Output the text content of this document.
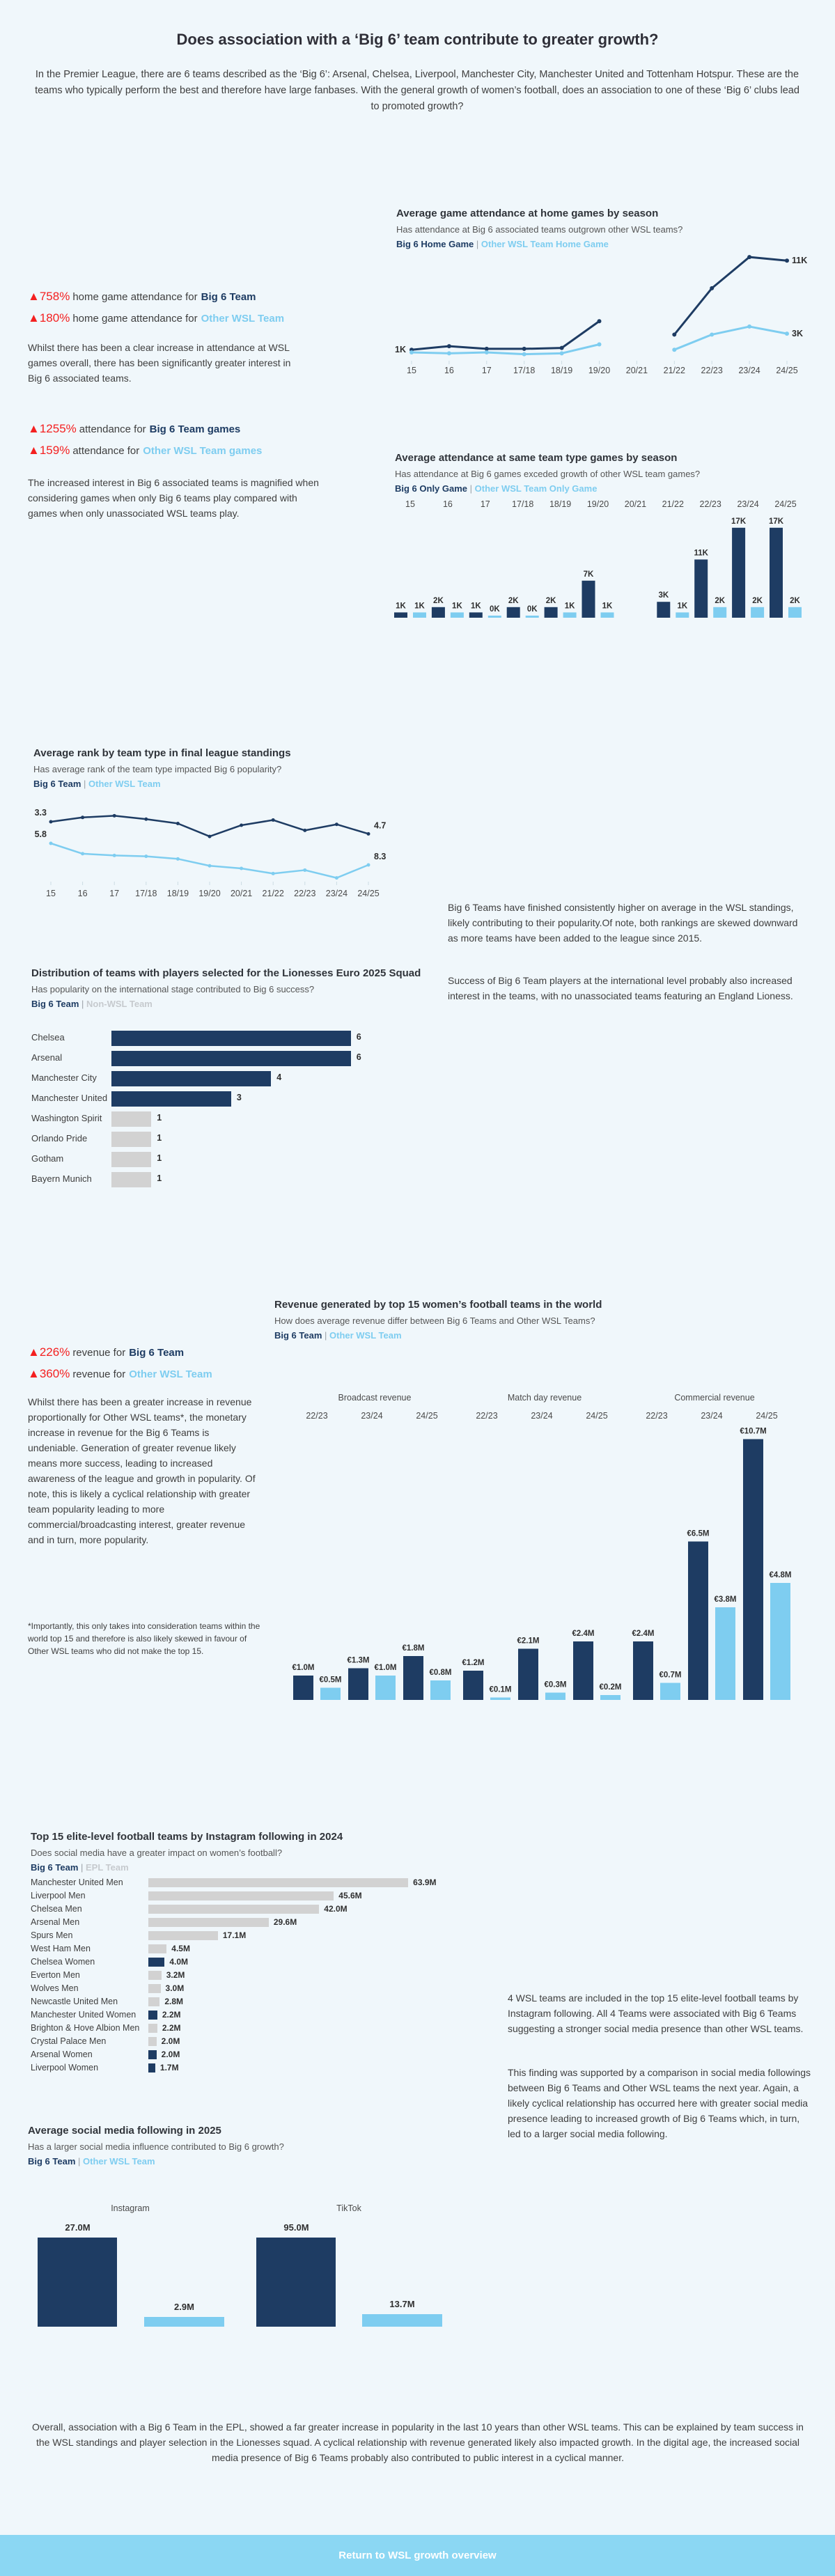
Does association with a ‘Big 6’ team contribute to greater growth?
In the Premier League, there are 6 teams described as the ‘Big 6’: Arsenal, Chelsea, Liverpool, Manchester City, Manchester United and Tottenham Hotspur. These are the teams who typically perform the best and therefore have large fanbases. With the general growth of women’s football, does an association to one of these ‘Big 6’ clubs lead to promoted growth?
Average game attendance at home games by season
Has attendance at Big 6 associated teams outgrown other WSL teams?
Big 6 Home Game | Other WSL Team Home Game
15	16	17	17/18 18/19 19/20 20/21 21/22 22/23 23/24 24/25
1K
11K
3K
▲758% home game attendance for Big 6 Team
▲180% home game attendance for Other WSL Team
Whilst there has been a clear increase in attendance at WSL games overall, there has been significantly greater interest in Big 6 associated teams.
▲1255% attendance for Big 6 Team games
▲159% attendance for Other WSL Team games
The increased interest in Big 6 associated teams is magnified when considering games when only Big 6 teams play compared with games when only unassociated WSL teams play.
Average attendance at same team type games by season
Has attendance at Big 6 games exceded growth of other WSL team games?
Big 6 Only Game | Other WSL Team Only Game
15	16	17	17/18 18/19 19/20 20/21 21/22 22/23 23/24 24/25
1K
2K
1K
2K	2K
7K
3K
11K
17K	17K
1K	1K	0K	0K	1K	1K	1K
2K	2K	2K
Average rank by team type in final league standings
Has average rank of the team type impacted Big 6 popularity?
Big 6 Team | Other WSL Team
15	16	17 17/18 18/19 19/20 20/21 21/22 22/23 23/24 24/25
3.3
5.8
4.7
8.3
Big 6 Teams have finished consistently higher on average in the WSL standings, likely contributing to their popularity.Of note, both rankings are skewed downward as more teams have been added to the league since 2015.
Success of Big 6 Team players at the international level probably also increased interest in the teams, with no unassociated teams featuring an England Lioness.
Distribution of teams with players selected for the Lionesses Euro 2025 Squad
Has popularity on the international stage contributed to Big 6 success?
Big 6 Team | Non-WSL Team
Chelsea	6
Arsenal	6
Manchester City	4
Manchester United	3
Washington Spirit	1
Orlando Pride	1
Gotham	1
Bayern Munich	1
Revenue generated by top 15 women’s football teams in the world
How does average revenue differ between Big 6 Teams and Other WSL Teams?
Big 6 Team | Other WSL Team
▲226% revenue for Big 6 Team
▲360% revenue for Other WSL Team
Whilst there has been a greater increase in revenue proportionally for Other WSL teams*, the monetary increase in revenue for the Big 6 Teams is undeniable. Generation of greater revenue likely means more success, leading to increased awareness of the league and growth in popularity. Of note, this is likely a cyclical relationship with greater team popularity leading to more commercial/broadcasting interest, greater revenue and in turn, more popularity.
*Importantly, this only takes into consideration teams within the world top 15 and therefore is also likely skewed in favour of Other WSL teams who did not make the top 15.
Broadcast revenue
22/23
€1.0M
€0.5M
23/24
€1.3M
€1.0M
24/25
€1.8M
€0.8M
Match day revenue
22/23
€1.2M
€0.1M
23/24
€2.1M
€0.3M
24/25
€2.4M
€0.2M
Commercial revenue
22/23
€2.4M
€0.7M
23/24
€6.5M
€3.8M
24/25
€10.7M
€4.8M
Top 15 elite-level football teams by Instagram following in 2024
Does social media have a greater impact on women’s football?
Big 6 Team | EPL Team
Manchester United Men	63.9M
Liverpool Men	45.6M
Chelsea Men	42.0M
Arsenal Men	29.6M
Spurs Men	17.1M
West Ham Men	4.5M
Chelsea Women	4.0M
Everton Men	3.2M
Wolves Men	3.0M
Newcastle United Men	2.8M
Manchester United Women	2.2M
Brighton & Hove Albion Men	2.2M
Crystal Palace Men	2.0M
Arsenal Women	2.0M
Liverpool Women	1.7M
4 WSL teams are included in the top 15 elite-level football teams by Instagram following. All 4 Teams were associated with Big 6 Teams suggesting a stronger social media presence than other WSL teams.
This finding was supported by a comparison in social media followings between Big 6 Teams and Other WSL teams the next year. Again, a likely cyclical relationship has occurred here with greater social media presence leading to increased growth of Big 6 Teams which, in turn, led to a larger social media following.
Average social media following in 2025
Has a larger social media influence contributed to Big 6 growth?
Big 6 Team | Other WSL Team
Instagram
27.0M
2.9M
TikTok
95.0M
13.7M
Overall, association with a Big 6 Team in the EPL, showed a far greater increase in popularity in the last 10 years than other WSL teams. This can be explained by team success in the WSL standings and player selection in the Lionesses squad. A cyclical relationship with revenue generated likely also impacted growth. In the digital age, the increased social media presence of Big 6 Teams probably also contributed to public interest in a cyclical manner.
Return to WSL growth overview
